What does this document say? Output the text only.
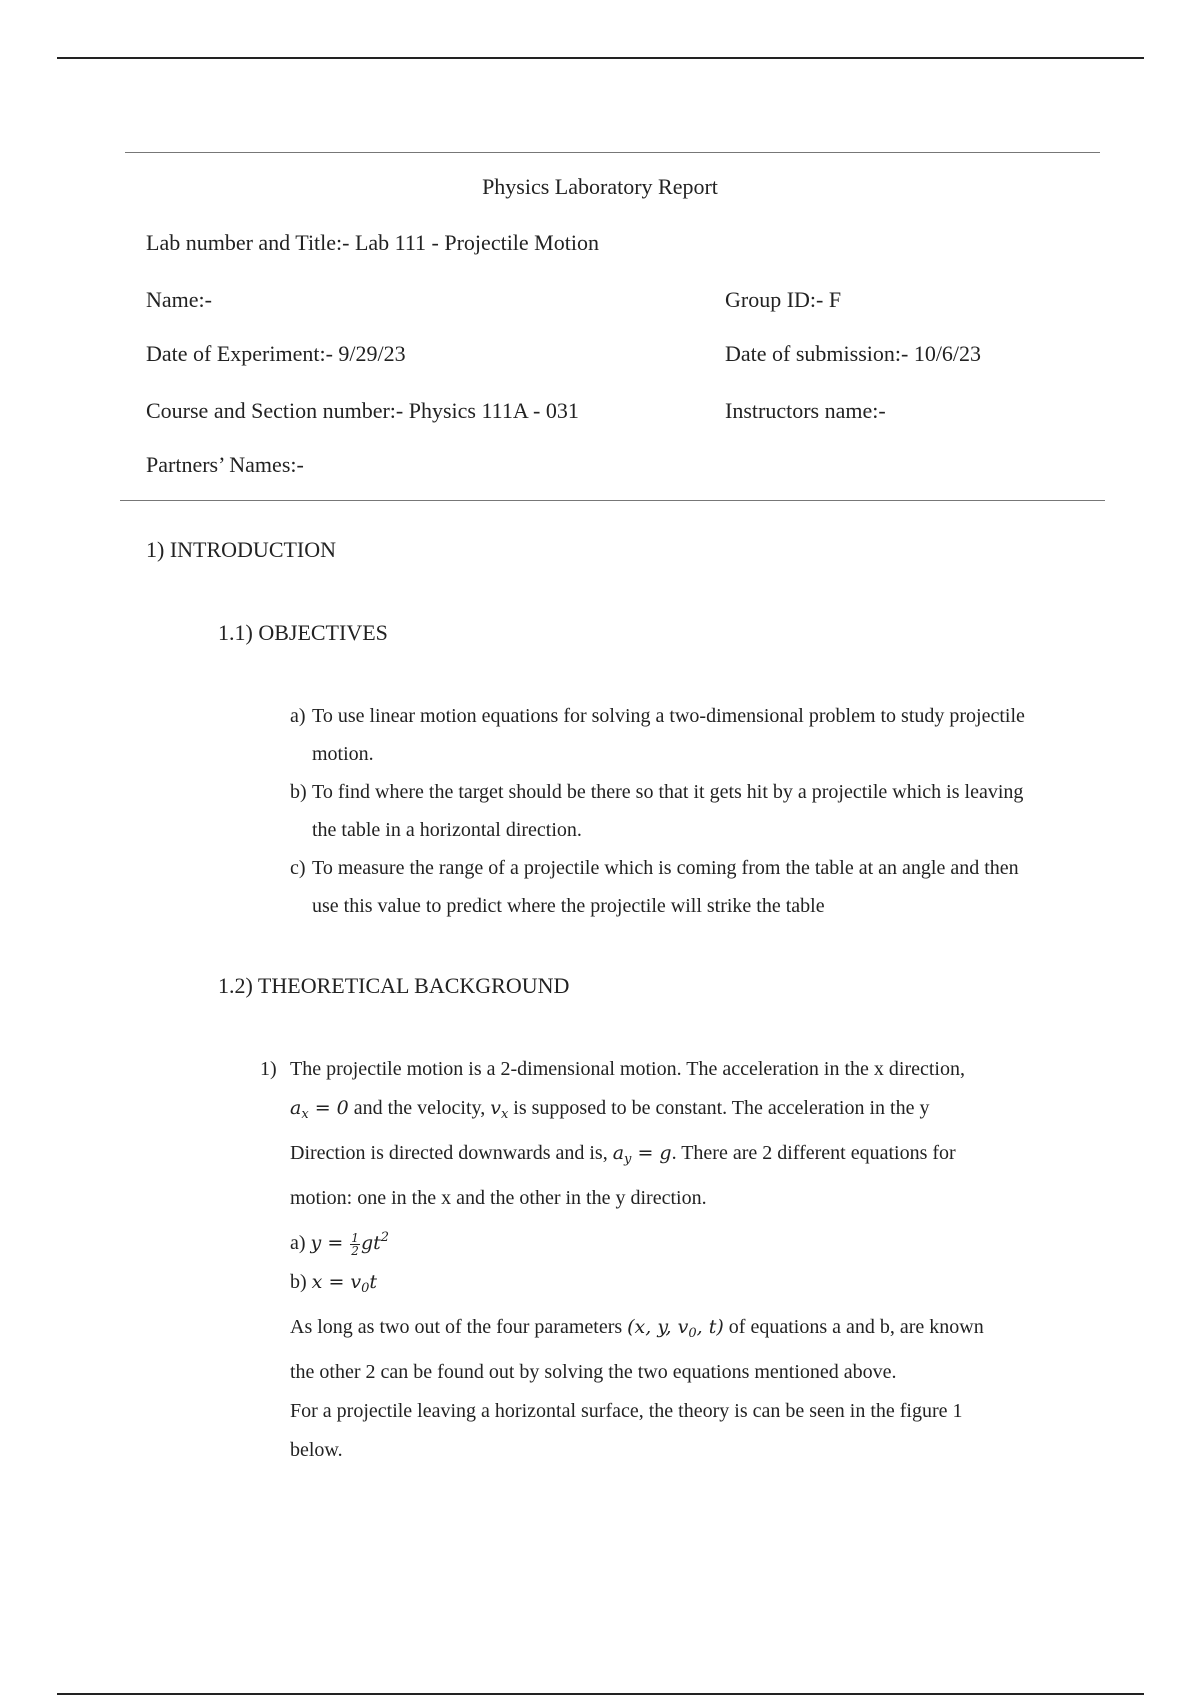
Physics Laboratory Report
Lab number and Title:- Lab 111 - Projectile Motion
Name:-	Group ID:- F
Date of Experiment:- 9/29/23	Date of submission:- 10/6/23
Course and Section number:- Physics 111A - 031	Instructors name:-
Partners’ Names:-
1) INTRODUCTION
1.1) OBJECTIVES
a) To use linear motion equations for solving a two-dimensional problem to study projectile motion.
b) To find where the target should be there so that it gets hit by a projectile which is leaving the table in a horizontal direction.
c) To measure the range of a projectile which is coming from the table at an angle and then use this value to predict where the projectile will strike the table
1.2) THEORETICAL BACKGROUND
1) The projectile motion is a 2-dimensional motion. The acceleration in the x direction,
$a_x = 0$ and the velocity, $v_x$ is supposed to be constant. The acceleration in the y
Direction is directed downwards and is, $a_y = g$. There are 2 different equations for
motion: one in the x and the other in the y direction.
a) $y = \frac{1}{2} gt^2$
b) $x = v_0t$
As long as two out of the four parameters (x, y, $v_0$, t) of equations a and b, are known
the other 2 can be found out by solving the two equations mentioned above.
For a projectile leaving a horizontal surface, the theory is can be seen in the figure 1
below.
